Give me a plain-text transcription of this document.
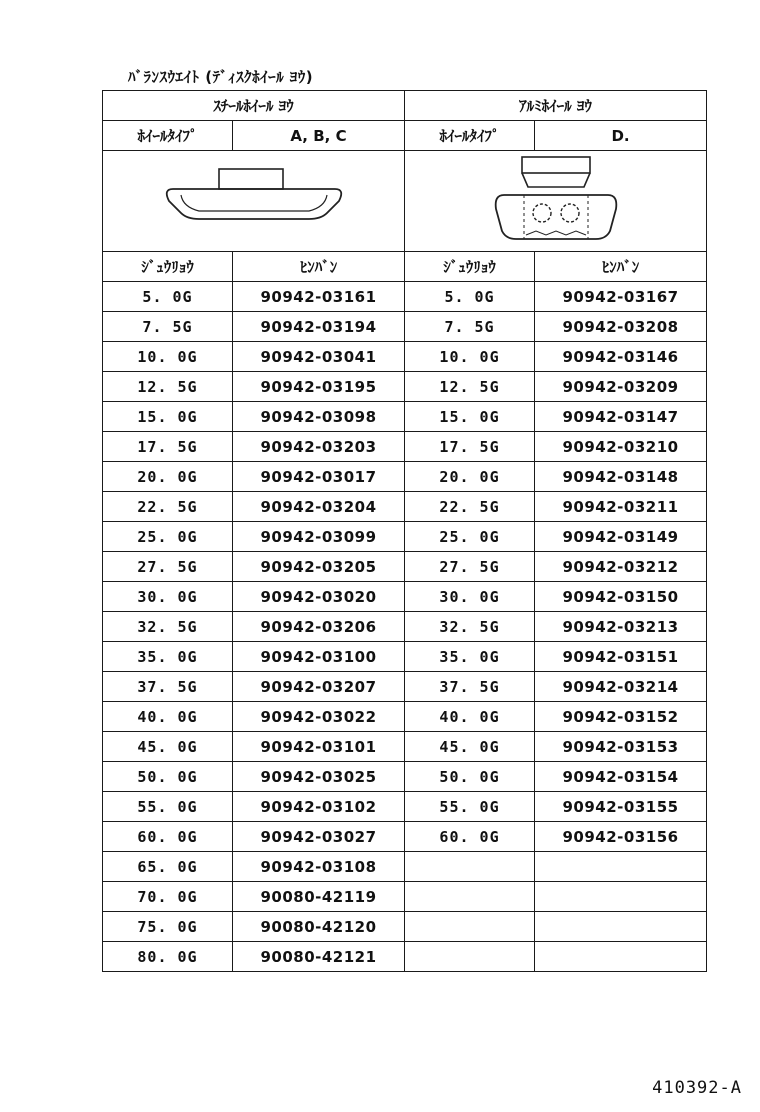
ﾊﾞﾗﾝｽｳｴｲﾄ (ﾃﾞｨｽｸﾎｲｰﾙ ﾖｳ)
ｽﾁｰﾙﾎｲｰﾙ ﾖｳ		ｱﾙﾐﾎｲｰﾙ ﾖｳ	
ﾎｲｰﾙﾀｲﾌﾟ	A, B, C	ﾎｲｰﾙﾀｲﾌﾟ	D.

ｼﾞｭｳﾘｮｳ	ﾋﾝﾊﾞﾝ	ｼﾞｭｳﾘｮｳ	ﾋﾝﾊﾞﾝ
5. 0G	90942-03161	5. 0G	90942-03167
7. 5G	90942-03194	7. 5G	90942-03208
10. 0G	90942-03041	10. 0G	90942-03146
12. 5G	90942-03195	12. 5G	90942-03209
15. 0G	90942-03098	15. 0G	90942-03147
17. 5G	90942-03203	17. 5G	90942-03210
20. 0G	90942-03017	20. 0G	90942-03148
22. 5G	90942-03204	22. 5G	90942-03211
25. 0G	90942-03099	25. 0G	90942-03149
27. 5G	90942-03205	27. 5G	90942-03212
30. 0G	90942-03020	30. 0G	90942-03150
32. 5G	90942-03206	32. 5G	90942-03213
35. 0G	90942-03100	35. 0G	90942-03151
37. 5G	90942-03207	37. 5G	90942-03214
40. 0G	90942-03022	40. 0G	90942-03152
45. 0G	90942-03101	45. 0G	90942-03153
50. 0G	90942-03025	50. 0G	90942-03154
55. 0G	90942-03102	55. 0G	90942-03155
60. 0G	90942-03027	60. 0G	90942-03156
65. 0G	90942-03108		
70. 0G	90080-42119		
75. 0G	90080-42120		
80. 0G	90080-42121		
410392-A
